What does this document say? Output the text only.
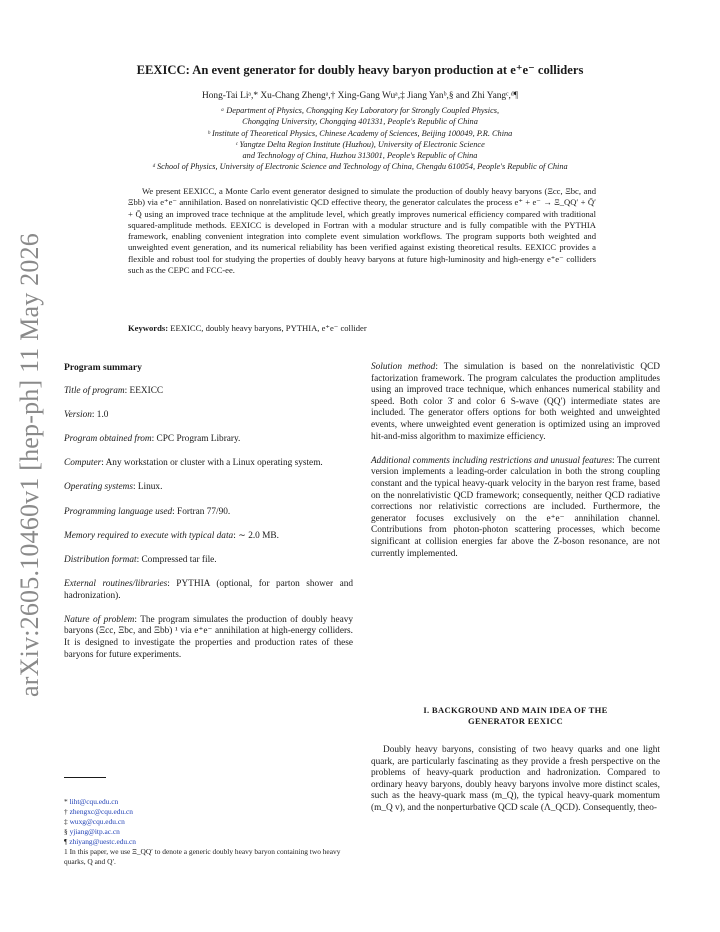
arXiv:2605.10460v1 [hep-ph] 11 May 2026
EEXICC: An event generator for doubly heavy baryon production at e⁺e⁻ colliders
Hong-Tai Liᵃ,* Xu-Chang Zhengᵃ,† Xing-Gang Wuᵃ,‡ Jiang Yanᵇ,§ and Zhi Yangᶜ,ᵈ¶
ᵃ Department of Physics, Chongqing Key Laboratory for Strongly Coupled Physics,
Chongqing University, Chongqing 401331, People's Republic of China
ᵇ Institute of Theoretical Physics, Chinese Academy of Sciences, Beijing 100049, P.R. China
ᶜ Yangtze Delta Region Institute (Huzhou), University of Electronic Science
and Technology of China, Huzhou 313001, People's Republic of China
ᵈ School of Physics, University of Electronic Science and Technology of China, Chengdu 610054, People's Republic of China
We present EEXICC, a Monte Carlo event generator designed to simulate the production of doubly heavy baryons (Ξcc, Ξbc, and Ξbb) via e⁺e⁻ annihilation. Based on nonrelativistic QCD effective theory, the generator calculates the process e⁺ + e⁻ → Ξ_QQ′ + Q̄′ + Q̄ using an improved trace technique at the amplitude level, which greatly improves numerical efficiency compared with traditional squared-amplitude methods. EEXICC is developed in Fortran with a modular structure and is fully compatible with the PYTHIA framework, enabling convenient integration into complete event simulation workflows. The program supports both weighted and unweighted event generation, and its numerical reliability has been verified against existing theoretical results. EEXICC provides a flexible and robust tool for studying the properties of doubly heavy baryons at future high-luminosity and high-energy e⁺e⁻ colliders such as the CEPC and FCC-ee.
Keywords: EEXICC, doubly heavy baryons, PYTHIA, e⁺e⁻ collider
Program summary

Title of program: EEXICC

Version: 1.0

Program obtained from: CPC Program Library.

Computer: Any workstation or cluster with a Linux operating system.

Operating systems: Linux.

Programming language used: Fortran 77/90.

Memory required to execute with typical data: ∼ 2.0 MB.

Distribution format: Compressed tar file.

External routines/libraries: PYTHIA (optional, for parton shower and hadronization).

Nature of problem: The program simulates the production of doubly heavy baryons (Ξcc, Ξbc, and Ξbb) ¹ via e⁺e⁻ annihilation at high-energy colliders. It is designed to investigate the properties and production rates of these baryons for future experiments.

Solution method: The simulation is based on the nonrelativistic QCD factorization framework. The program calculates the production amplitudes using an improved trace technique, which enhances numerical stability and speed. Both color 3̄ and color 6 S-wave (QQ′) intermediate states are included. The generator offers options for both weighted and unweighted events, where unweighted event generation is optimized using an improved hit-and-miss algorithm to maximize efficiency.

Additional comments including restrictions and unusual features: The current version implements a leading-order calculation in both the strong coupling constant and the typical heavy-quark velocity in the baryon rest frame, based on the nonrelativistic QCD framework; consequently, neither QCD radiative corrections nor relativistic corrections are included. Furthermore, the generator focuses exclusively on the e⁺e⁻ annihilation channel. Contributions from photon-photon scattering processes, which become significant at collision energies far above the Z-boson resonance, are not currently implemented.

I. BACKGROUND AND MAIN IDEA OF THE
GENERATOR EEXICC
Doubly heavy baryons, consisting of two heavy quarks and one light quark, are particularly fascinating as they provide a fresh perspective on the problems of heavy-quark production and hadronization. Compared to ordinary heavy baryons, doubly heavy baryons involve more distinct scales, such as the heavy-quark mass (m_Q), the typical heavy-quark momentum (m_Q v), and the nonperturbative QCD scale (Λ_QCD). Consequently, theo-
* liht@cqu.edu.cn
† zhengxc@cqu.edu.cn
‡ wuxg@cqu.edu.cn
§ yjiang@itp.ac.cn
¶ zhiyang@uestc.edu.cn
1 In this paper, we use Ξ_QQ′ to denote a generic doubly heavy baryon containing two heavy quarks, Q and Q′.
